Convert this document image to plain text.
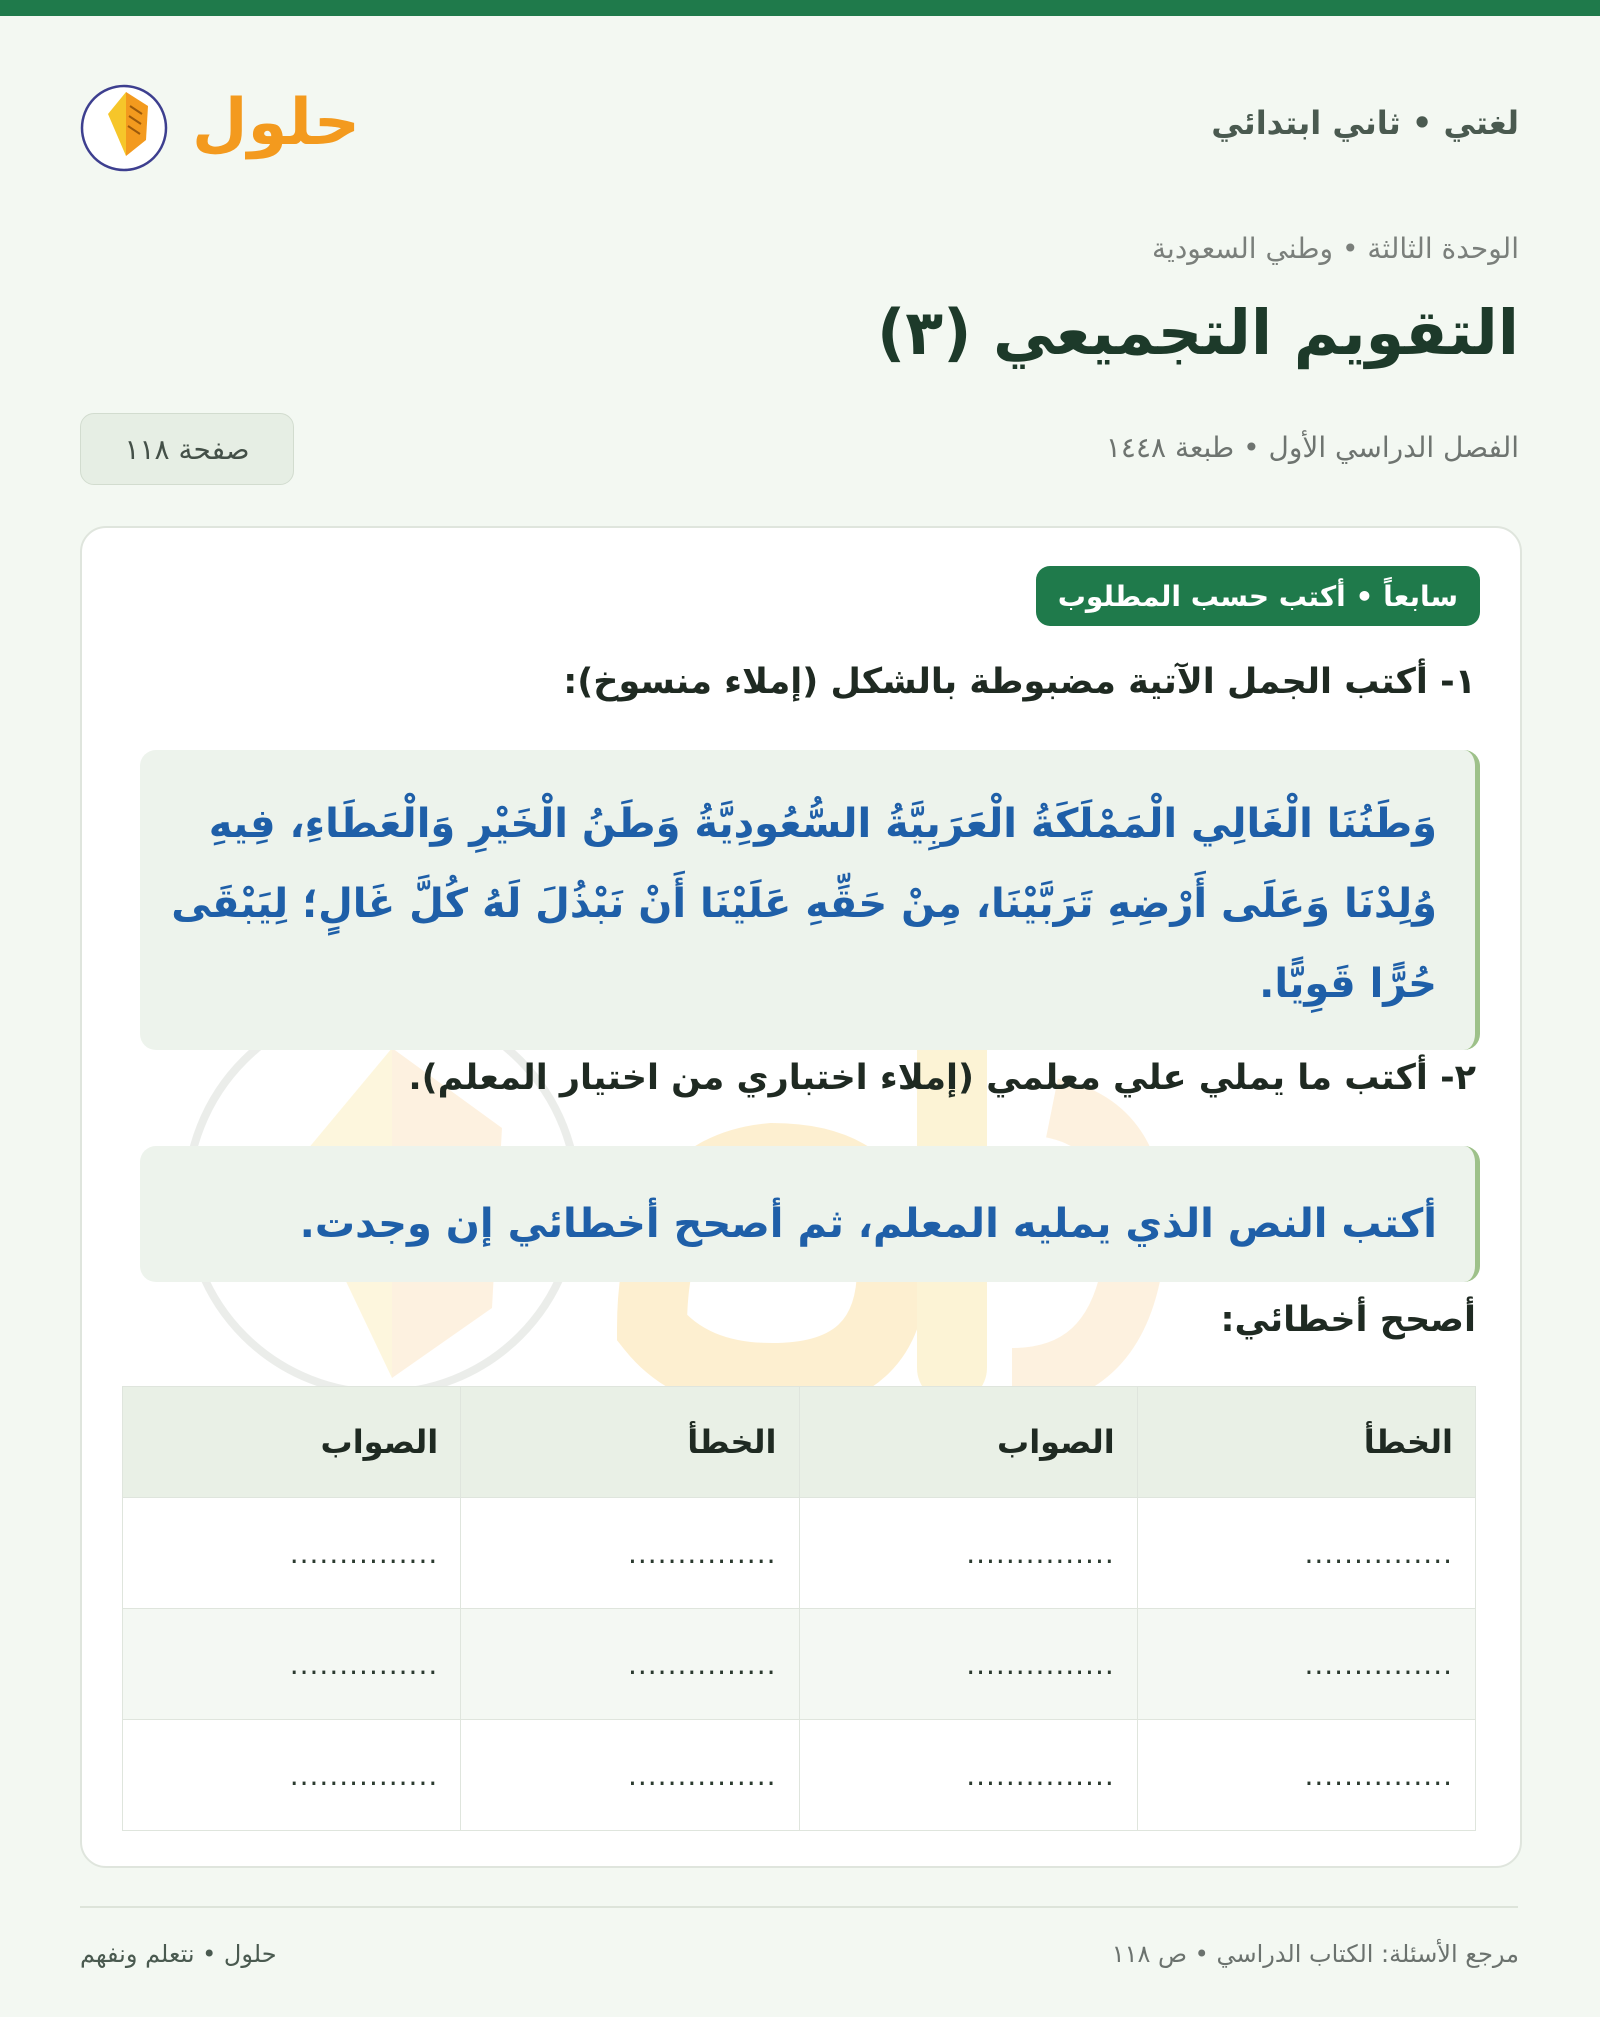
لغتي • ثاني ابتدائي
حلول
الوحدة الثالثة • وطني السعودية
التقويم التجميعي (٣)
الفصل الدراسي الأول • طبعة ١٤٤٨
صفحة ١١٨
سابعاً • أكتب حسب المطلوب
١- أكتب الجمل الآتية مضبوطة بالشكل (إملاء منسوخ):

وَطَنُنَا الْغَالِي الْمَمْلَكَةُ الْعَرَبِيَّةُ السُّعُودِيَّةُ وَطَنُ الْخَيْرِ وَالْعَطَاءِ، فِيهِ وُلِدْنَا وَعَلَى أَرْضِهِ تَرَبَّيْنَا، مِنْ حَقِّهِ عَلَيْنَا أَنْ نَبْذُلَ لَهُ كُلَّ غَالٍ؛ لِيَبْقَى حُرًّا قَوِيًّا.

٢- أكتب ما يملي علي معلمي (إملاء اختباري من اختيار المعلم).

أكتب النص الذي يمليه المعلم، ثم أصحح أخطائي إن وجدت.

أصحح أخطائي:
الخطأ	الصواب	الخطأ	الصواب
...............	...............	...............	...............
...............	...............	...............	...............
...............	...............	...............	...............
مرجع الأسئلة: الكتاب الدراسي • ص ١١٨
حلول • نتعلم ونفهم
